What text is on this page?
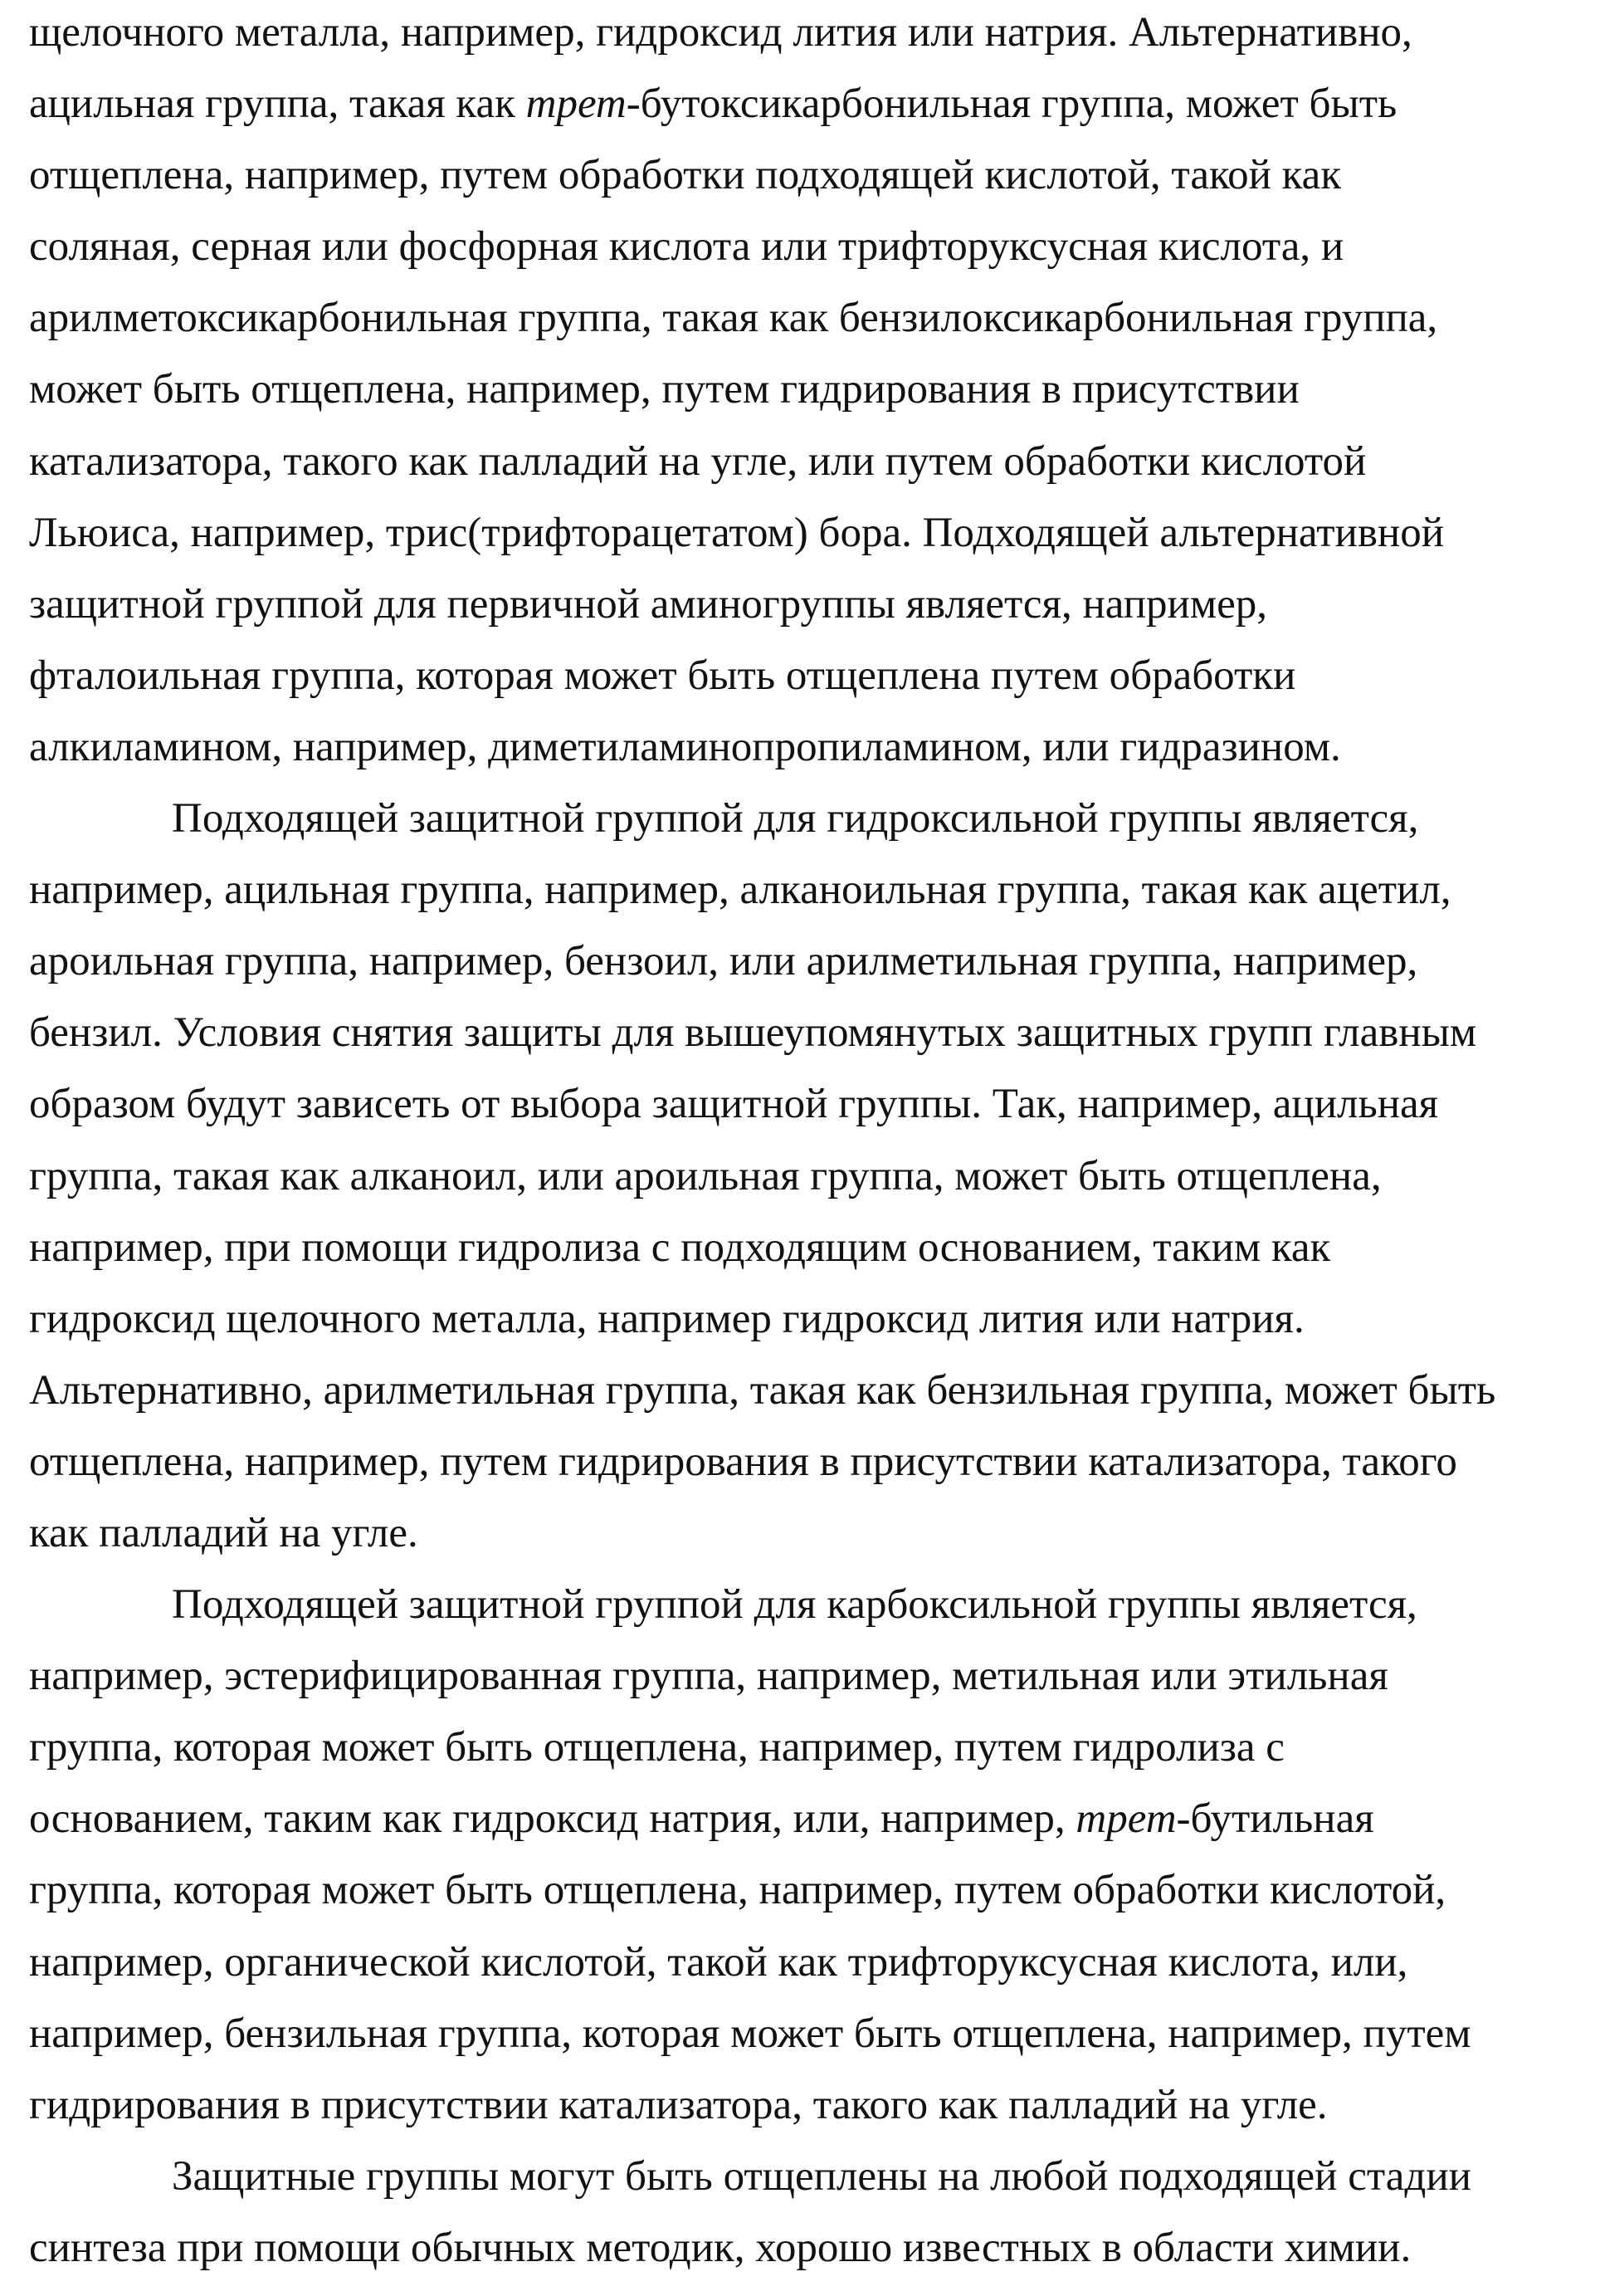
щелочного металла, например, гидроксид лития или натрия. Альтернативно,
ацильная группа, такая как трет-бутоксикарбонильная группа, может быть
отщеплена, например, путем обработки подходящей кислотой, такой как
соляная, серная или фосфорная кислота или трифторуксусная кислота, и
арилметоксикарбонильная группа, такая как бензилоксикарбонильная группа,
может быть отщеплена, например, путем гидрирования в присутствии
катализатора, такого как палладий на угле, или путем обработки кислотой
Льюиса, например, трис(трифторацетатом) бора. Подходящей альтернативной
защитной группой для первичной аминогруппы является, например,
фталоильная группа, которая может быть отщеплена путем обработки
алкиламином, например, диметиламинопропиламином, или гидразином.
Подходящей защитной группой для гидроксильной группы является,
например, ацильная группа, например, алканоильная группа, такая как ацетил,
ароильная группа, например, бензоил, или арилметильная группа, например,
бензил. Условия снятия защиты для вышеупомянутых защитных групп главным
образом будут зависеть от выбора защитной группы. Так, например, ацильная
группа, такая как алканоил, или ароильная группа, может быть отщеплена,
например, при помощи гидролиза с подходящим основанием, таким как
гидроксид щелочного металла, например гидроксид лития или натрия.
Альтернативно, арилметильная группа, такая как бензильная группа, может быть
отщеплена, например, путем гидрирования в присутствии катализатора, такого
как палладий на угле.
Подходящей защитной группой для карбоксильной группы является,
например, эстерифицированная группа, например, метильная или этильная
группа, которая может быть отщеплена, например, путем гидролиза с
основанием, таким как гидроксид натрия, или, например, трет-бутильная
группа, которая может быть отщеплена, например, путем обработки кислотой,
например, органической кислотой, такой как трифторуксусная кислота, или,
например, бензильная группа, которая может быть отщеплена, например, путем
гидрирования в присутствии катализатора, такого как палладий на угле.
Защитные группы могут быть отщеплены на любой подходящей стадии
синтеза при помощи обычных методик, хорошо известных в области химии.
